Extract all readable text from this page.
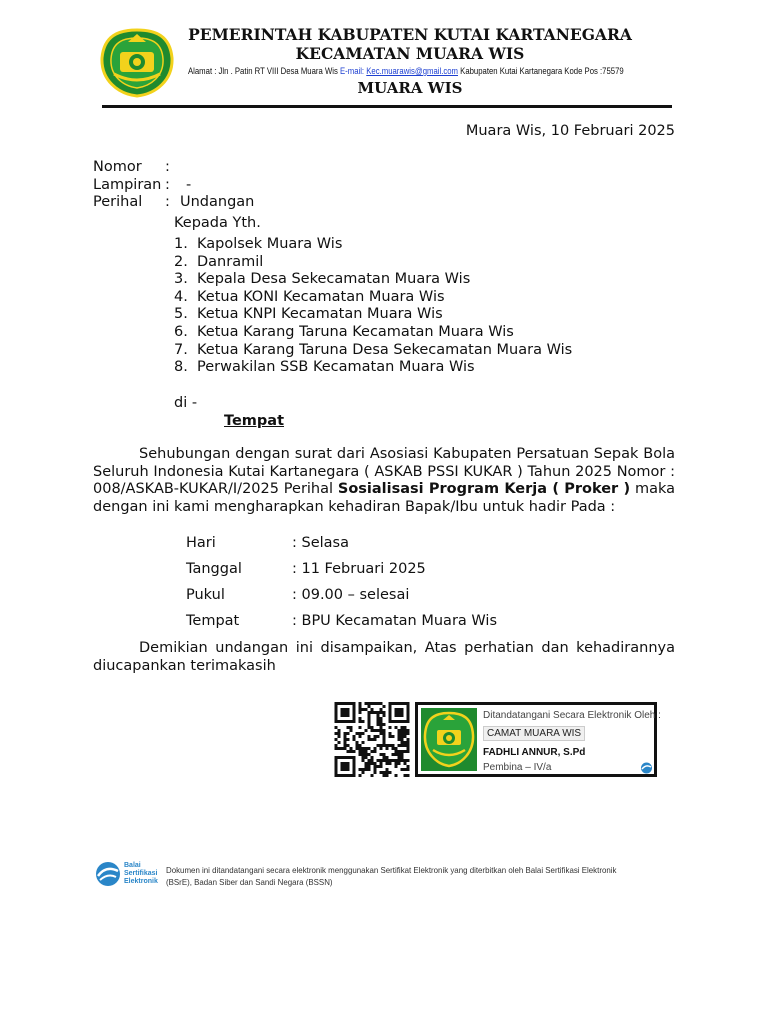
PEMERINTAH KABUPATEN KUTAI KARTANEGARA
KECAMATAN MUARA WIS
Alamat : Jln . Patin RT VIII Desa Muara Wis E-mail: Kec.muarawis@gmail.com Kabupaten Kutai Kartanegara Kode Pos :75579
MUARA WIS
Muara Wis, 10 Februari 2025
Nomor :
Lampiran : -
Perihal : Undangan
Kepada Yth.
1. Kapolsek Muara Wis
2. Danramil
3. Kepala Desa Sekecamatan Muara Wis
4. Ketua KONI Kecamatan Muara Wis
5. Ketua KNPI Kecamatan Muara Wis
6. Ketua Karang Taruna Kecamatan Muara Wis
7. Ketua Karang Taruna Desa Sekecamatan Muara Wis
8. Perwakilan SSB Kecamatan Muara Wis
di -
Tempat
Sehubungan dengan surat dari Asosiasi Kabupaten Persatuan Sepak Bola Seluruh Indonesia Kutai Kartanegara ( ASKAB PSSI KUKAR ) Tahun 2025 Nomor : 008/ASKAB-KUKAR/I/2025 Perihal Sosialisasi Program Kerja ( Proker ) maka dengan ini kami mengharapkan kehadiran Bapak/Ibu untuk hadir Pada :
Hari	: Selasa
Tanggal	: 11 Februari 2025
Pukul	: 09.00 – selesai
Tempat	: BPU Kecamatan Muara Wis
Demikian undangan ini disampaikan, Atas perhatian dan kehadirannya diucapankan terimakasih
Ditandatangani Secara Elektronik Oleh :
CAMAT MUARA WIS
FADHLI ANNUR, S.Pd
Pembina – IV/a
Balai
Sertifikasi
Elektronik
Dokumen ini ditandatangani secara elektronik menggunakan Sertifikat Elektronik yang diterbitkan oleh Balai Sertifikasi Elektronik
(BSrE), Badan Siber dan Sandi Negara (BSSN)
